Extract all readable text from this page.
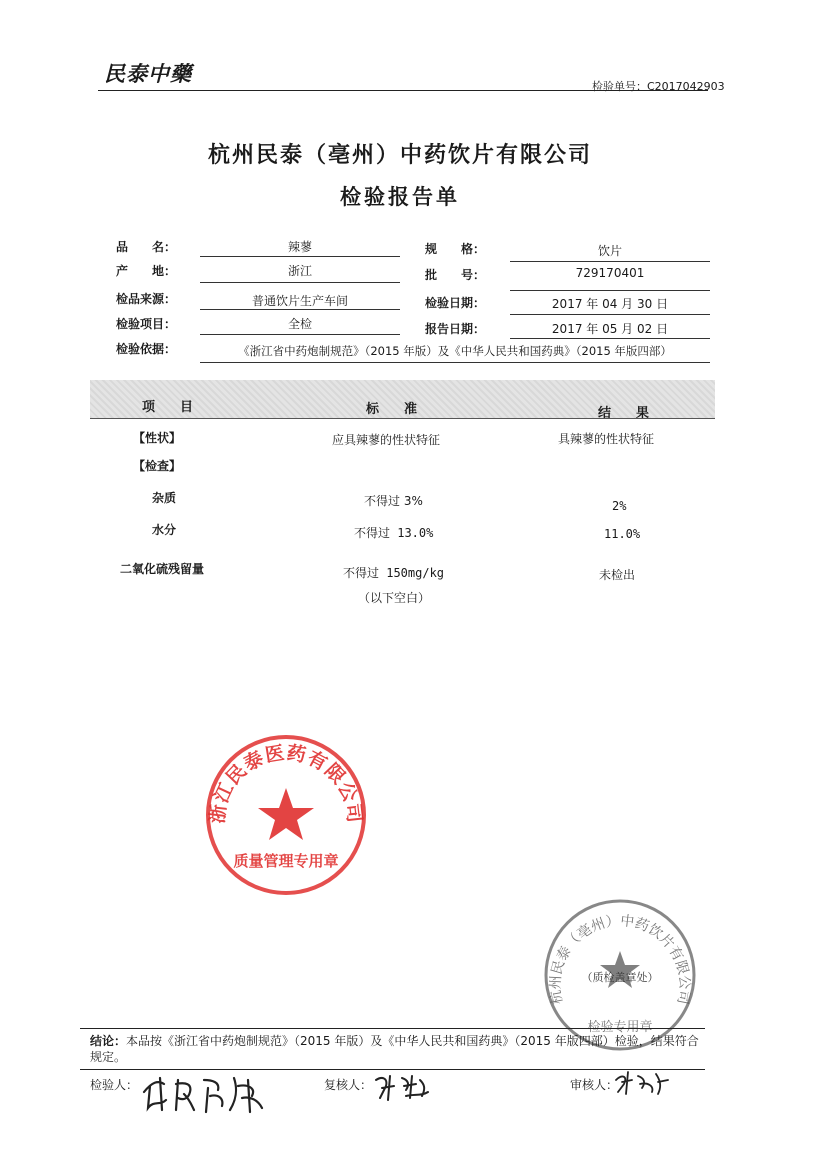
民泰中藥
检验单号：C2017042903
杭州民泰（亳州）中药饮片有限公司
检验报告单
品　　名：	辣蓼	规　　格：	饮片
产　　地：	浙江	批　　号：	729170401
检品来源：	普通饮片生产车间	检验日期：	2017 年 04 月 30 日
检验项目：	全检	报告日期：	2017 年 05 月 02 日
检验依据：	《浙江省中药炮制规范》（2015 年版）及《中华人民共和国药典》（2015 年版四部）
项　目	标　准	结　果
【性状】	应具辣蓼的性状特征	具辣蓼的性状特征
【检查】
杂质	不得过 3%	2%
水分	不得过 13.0%	11.0%
二氧化硫残留量	不得过 150mg/kg	未检出
（以下空白）
浙江民泰医药有限公司
质量管理专用章
杭州民泰（亳州）中药饮片有限公司
（质检盖章处）
检验专用章
结论：本品按《浙江省中药炮制规范》（2015 年版）及《中华人民共和国药典》（2015 年版四部）检验，结果符合规定。
检验人：	复核人：	审核人：
